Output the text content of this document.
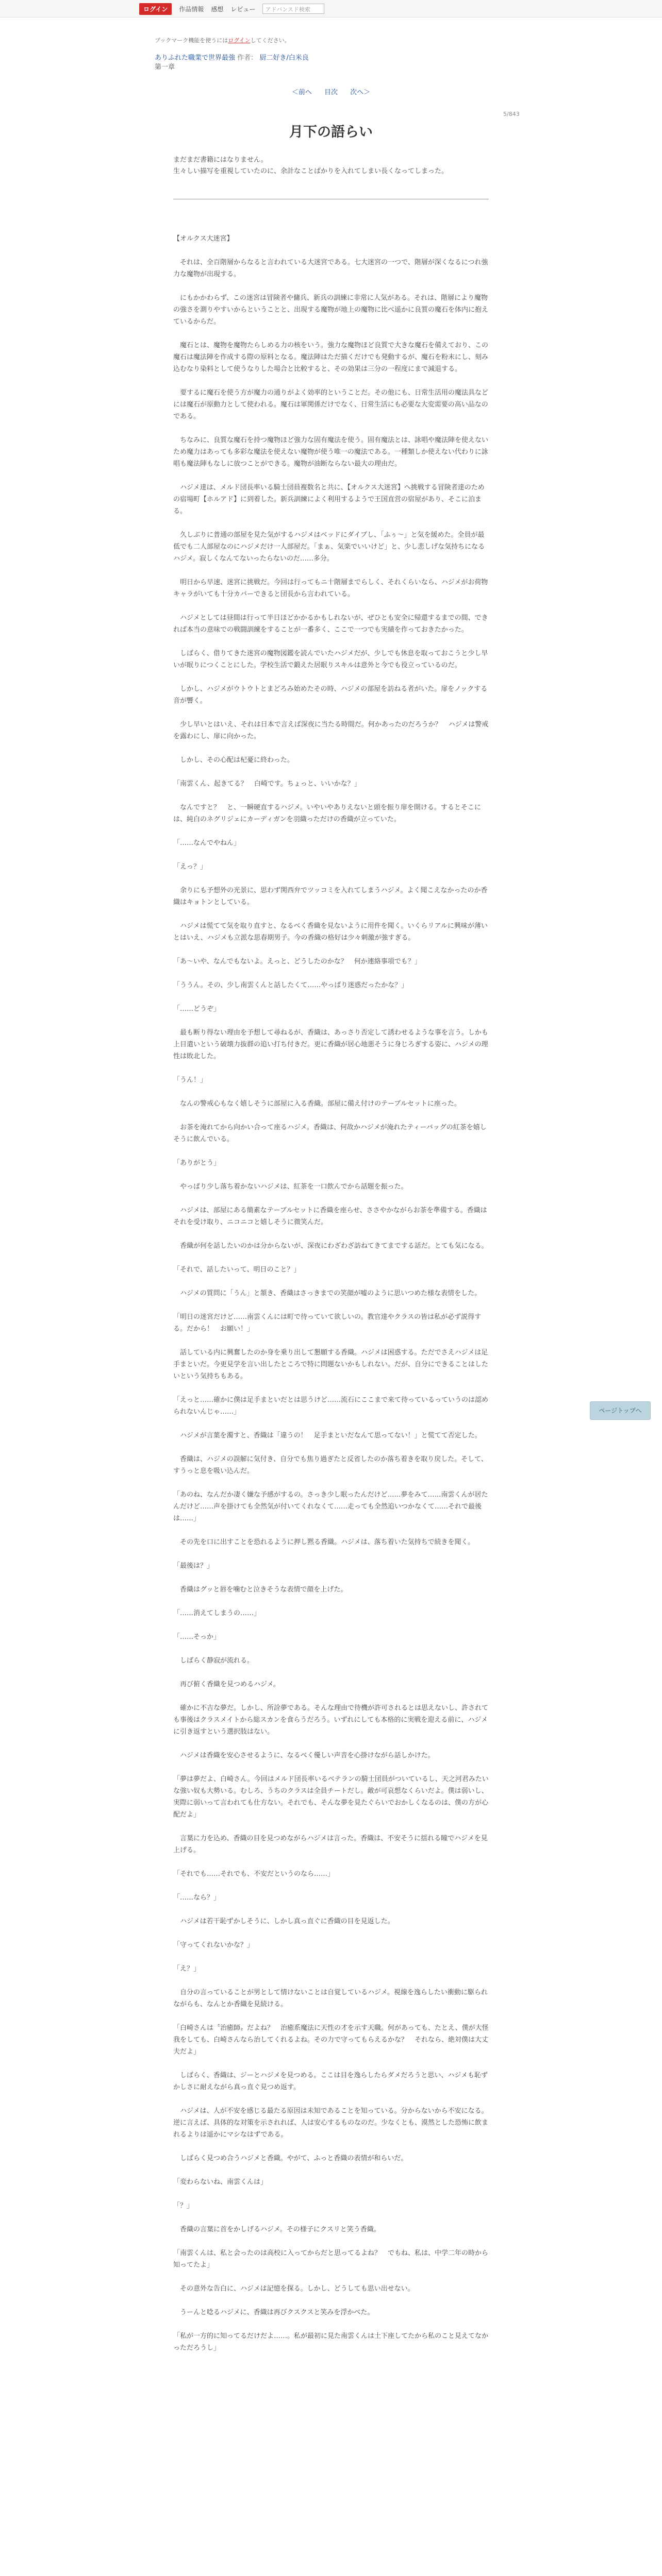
ログイン	作品情報 感想 レビュー	アドバンスド検索
ブックマーク機能を使うにはログインしてください。
ありふれた職業で世界最強 作者： 厨二好き/白米良
第一章
＜前へ 目次 次へ＞
5/843
月下の語らい
まだまだ書籍にはなりません。
生々しい描写を重視していたのに、余計なことばかりを入れてしまい長くなってしまった。

【オルクス大迷宮】

　それは、全百階層からなると言われている大迷宮である。七大迷宮の一つで、階層が深くなるにつれ強力な魔物が出現する。

　にもかかわらず、この迷宮は冒険者や傭兵、新兵の訓練に非常に人気がある。それは、階層により魔物の強さを測りやすいからということと、出現する魔物が地上の魔物に比べ遥かに良質の魔石を体内に抱えているからだ。

　魔石とは、魔物を魔物たらしめる力の核をいう。強力な魔物ほど良質で大きな魔石を備えており、この魔石は魔法陣を作成する際の原料となる。魔法陣はただ描くだけでも発動するが、魔石を粉末にし、刻み込むなり染料として使うなりした場合と比較すると、その効果は三分の一程度にまで減退する。

　要するに魔石を使う方が魔力の通りがよく効率的ということだ。その他にも、日常生活用の魔法具などには魔石が原動力として使われる。魔石は軍関係だけでなく、日常生活にも必要な大変需要の高い品なのである。

　ちなみに、良質な魔石を持つ魔物ほど強力な固有魔法を使う。固有魔法とは、詠唱や魔法陣を使えないため魔力はあっても多彩な魔法を使えない魔物が使う唯一の魔法である。一種類しか使えない代わりに詠唱も魔法陣もなしに放つことができる。魔物が油断ならない最大の理由だ。

　ハジメ達は、メルド団長率いる騎士団員複数名と共に、【オルクス大迷宮】へ挑戦する冒険者達のための宿場町【ホルアド】に到着した。新兵訓練によく利用するようで王国直営の宿屋があり、そこに泊まる。

　久しぶりに普通の部屋を見た気がするハジメはベッドにダイブし、「ふぅ～」と気を緩めた。全員が最低でも二人部屋なのにハジメだけ一人部屋だ。「まぁ、気楽でいいけど」と、少し悲しげな気持ちになるハジメ。寂しくなんてないったらないのだ……多分。

　明日から早速、迷宮に挑戦だ。今回は行ってもニ十階層までらしく、それくらいなら、ハジメがお荷物キャラがいても十分カバーできると団長から言われている。

　ハジメとしては昼間は行って半日ほどかかるかもしれないが、ぜひとも安全に帰還するまでの間、できれば本当の意味での戦闘訓練をすることが一番多く、ここで一つでも実績を作っておきたかった。

　しばらく、借りてきた迷宮の魔物図鑑を読んでいたハジメだが、少しでも休息を取っておこうと少し早いが眠りにつくことにした。学校生活で鍛えた居眠りスキルは意外と今でも役立っているのだ。

　しかし、ハジメがウトウトとまどろみ始めたその時、ハジメの部屋を訪ねる者がいた。扉をノックする音が響く。

　少し早いとはいえ、それは日本で言えば深夜に当たる時間だ。何かあったのだろうか？　ハジメは警戒を露わにし、扉に向かった。

　しかし、その心配は杞憂に終わった。

「南雲くん、起きてる？　白崎です。ちょっと、いいかな？」

　なんですと？　と、一瞬硬直するハジメ。いやいやありえないと頭を振り扉を開ける。するとそこには、純白のネグリジェにカーディガンを羽織っただけの香織が立っていた。

「……なんでやねん」

「えっ？」

　余りにも予想外の光景に、思わず関西弁でツッコミを入れてしまうハジメ。よく聞こえなかったのか香織はキョトンとしている。

　ハジメは慌てて気を取り直すと、なるべく香織を見ないように用件を聞く。いくらリアルに興味が薄いとはいえ、ハジメも立派な思春期男子。今の香織の格好は少々刺激が強すぎる。

「あ～いや、なんでもないよ。えっと、どうしたのかな？　何か連絡事項でも？」

「ううん。その、少し南雲くんと話したくて……やっぱり迷惑だったかな？」

「……どうぞ」

　最も断り得ない理由を予想して尋ねるが、香織は、あっさり否定して誘わせるような事を言う。しかも上目遣いという破壊力抜群の追い打ち付きだ。更に香織が居心地悪そうに身じろぎする姿に、ハジメの理性は敗北した。

「うん！」

　なんの警戒心もなく嬉しそうに部屋に入る香織。部屋に備え付けのテーブルセットに座った。

　お茶を淹れてから向かい合って座るハジメ。香織は、何故かハジメが淹れたティーバッグの紅茶を嬉しそうに飲んでいる。

「ありがとう」

　やっぱり少し落ち着かないハジメは、紅茶を一口飲んでから話題を振った。

　ハジメは、部屋にある簡素なテーブルセットに香織を座らせ、ささやかながらお茶を準備する。香織はそれを受け取り、ニコニコと嬉しそうに微笑んだ。

　香織が何を話したいのかは分からないが、深夜にわざわざ訪ねてきてまでする話だ。とても気になる。

「それで、話したいって、明日のこと？」

　ハジメの質問に「うん」と頷き、香織はさっきまでの笑顔が嘘のように思いつめた様な表情をした。

「明日の迷宮だけど……南雲くんには町で待っていて欲しいの。教官達やクラスの皆は私が必ず説得する。だから！　お願い！」

　話している内に興奮したのか身を乗り出して懇願する香織。ハジメは困惑する。ただでさえハジメは足手まといだ。今更見学を言い出したところで特に問題ないかもしれない。だが、自分にできることはしたいという気持ちもある。

「えっと……確かに僕は足手まといだとは思うけど……流石にここまで来て待っているっていうのは認められないんじゃ……」

　ハジメが言葉を濁すと、香織は「違うの！　足手まといだなんて思ってない！」と慌てて否定した。

　香織は、ハジメの誤解に気付き、自分でも焦り過ぎたと反省したのか落ち着きを取り戻した。そして、すうっと息を吸い込んだ。

「あのね、なんだか凄く嫌な予感がするの。さっき少し眠ったんだけど……夢をみて……南雲くんが居たんだけど……声を掛けても全然気が付いてくれなくて……走っても全然追いつかなくて……それで最後は……」

　その先を口に出すことを恐れるように押し黙る香織。ハジメは、落ち着いた気持ちで続きを聞く。

「最後は？」

　香織はグッと唇を噛むと泣きそうな表情で顔を上げた。

「……消えてしまうの……」

「……そっか」

　しばらく静寂が流れる。

　再び俯く香織を見つめるハジメ。

　確かに不吉な夢だ。しかし、所詮夢である。そんな理由で待機が許可されるとは思えないし、許されても事後はクラスメイトから総スカンを食らうだろう。いずれにしても本格的に実戦を迎える前に、ハジメに引き返すという選択肢はない。

　ハジメは香織を安心させるように、なるべく優しい声音を心掛けながら話しかけた。

「夢は夢だよ、白崎さん。今回はメルド団長率いるベテランの騎士団員がついているし、天之河君みたいな強い奴も大勢いる。むしろ、うちのクラスは全員チートだし。敵が可哀想なくらいだよ。僕は弱いし、実際に弱いって言われても仕方ない。それでも、そんな夢を見たぐらいでおかしくなるのは、僕の方が心配だよ」

　言葉に力を込め、香織の目を見つめながらハジメは言った。香織は、不安そうに揺れる瞳でハジメを見上げる。

「それでも……それでも、不安だというのなら……」

「……なら？」

　ハジメは若干恥ずかしそうに、しかし真っ直ぐに香織の目を見返した。

「守ってくれないかな？」

「え？」

　自分の言っていることが男として情けないことは自覚しているハジメ。視線を逸らしたい衝動に駆られながらも、なんとか香織を見続ける。

「白崎さんは〝治癒師〟だよね？　治癒系魔法に天性の才を示す天職。何があっても、たとえ、僕が大怪我をしても、白崎さんなら治してくれるよね。その力で守ってもらえるかな？　それなら、絶対僕は大丈夫だよ」

　しばらく、香織は、ジーとハジメを見つめる。ここは目を逸らしたらダメだろうと思い、ハジメも恥ずかしさに耐えながら真っ直ぐ見つめ返す。

　ハジメは、人が不安を感じる最たる原因は未知であることを知っている。分からないから不安になる。逆に言えば、具体的な対策を示されれば、人は安心するものなのだ。少なくとも、漠然とした恐怖に飲まれるよりは遥かにマシなはずである。

　しばらく見つめ合うハジメと香織。やがて、ふっと香織の表情が和らいだ。

「変わらないね、南雲くんは」

「？」

　香織の言葉に首をかしげるハジメ。その様子にクスリと笑う香織。

「南雲くんは、私と会ったのは高校に入ってからだと思ってるよね？　でもね、私は、中学二年の時から知ってたよ」

　その意外な告白に、ハジメは記憶を探る。しかし、どうしても思い出せない。

　うーんと唸るハジメに、香織は再びクスクスと笑みを浮かべた。

「私が一方的に知ってるだけだよ……。私が最初に見た南雲くんは土下座してたから私のこと見えてなかっただろうし」

ページトップへ
